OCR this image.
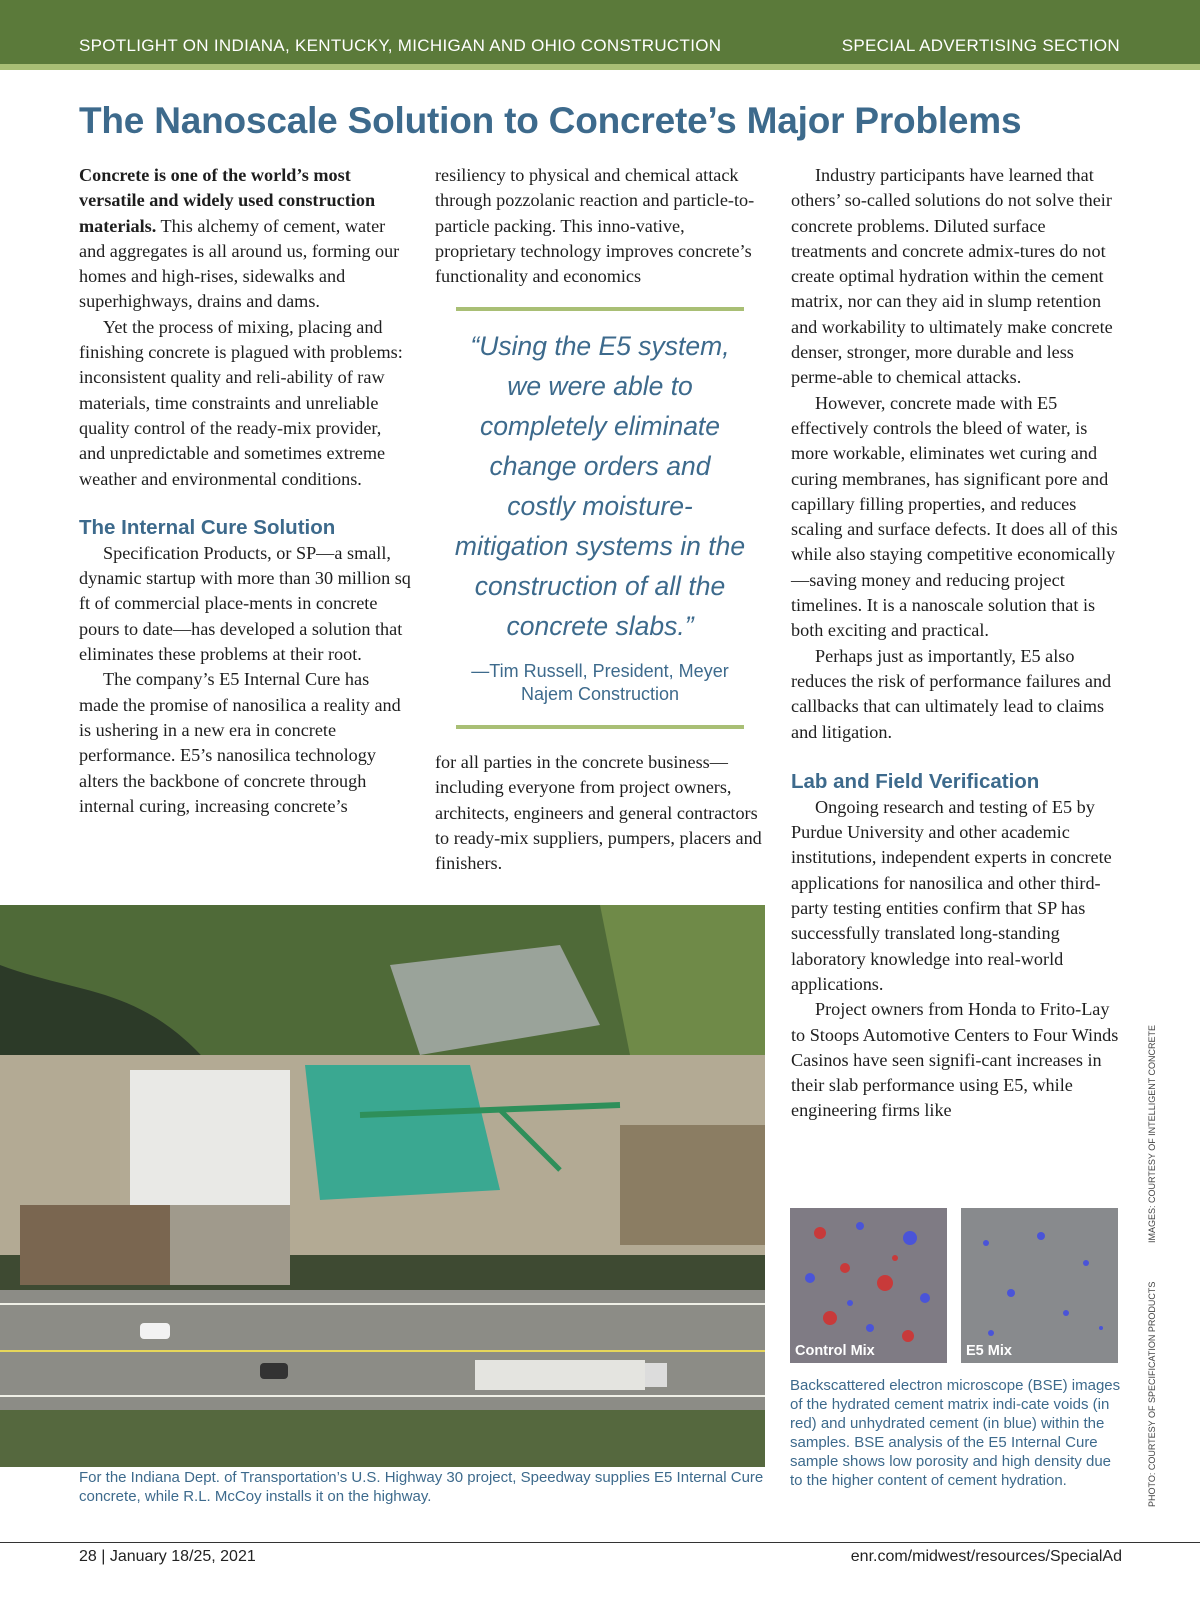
SPOTLIGHT ON INDIANA, KENTUCKY, MICHIGAN AND OHIO CONSTRUCTION	SPECIAL ADVERTISING SECTION
The Nanoscale Solution to Concrete’s Major Problems

Concrete is one of the world’s most versatile and widely used construction materials. This alchemy of cement, water and aggregates is all around us, forming our homes and high-rises, sidewalks and superhighways, drains and dams.

Yet the process of mixing, placing and finishing concrete is plagued with problems: inconsistent quality and reli-ability of raw materials, time constraints and unreliable quality control of the ready-mix provider, and unpredictable and sometimes extreme weather and environmental conditions.

The Internal Cure Solution

Specification Products, or SP—a small, dynamic startup with more than 30 million sq ft of commercial place-ments in concrete pours to date—has developed a solution that eliminates these problems at their root.

The company’s E5 Internal Cure has made the promise of nanosilica a reality and is ushering in a new era in concrete performance. E5’s nanosilica technology alters the backbone of concrete through internal curing, increasing concrete’s

resiliency to physical and chemical attack through pozzolanic reaction and particle-to-particle packing. This inno-vative, proprietary technology improves concrete’s functionality and economics

“Using the E5 system, we were able to completely eliminate change orders and costly moisture-mitigation systems in the construction of all the concrete slabs.”
—Tim Russell, President, Meyer Najem Construction

for all parties in the concrete business—including everyone from project owners, architects, engineers and general contractors to ready-mix suppliers, pumpers, placers and finishers.

Industry participants have learned that others’ so-called solutions do not solve their concrete problems. Diluted surface treatments and concrete admix-tures do not create optimal hydration within the cement matrix, nor can they aid in slump retention and workability to ultimately make concrete denser, stronger, more durable and less perme-able to chemical attacks.

However, concrete made with E5 effectively controls the bleed of water, is more workable, eliminates wet curing and curing membranes, has significant pore and capillary filling properties, and reduces scaling and surface defects. It does all of this while also staying competitive economically—saving money and reducing project timelines. It is a nanoscale solution that is both exciting and practical.

Perhaps just as importantly, E5 also reduces the risk of performance failures and callbacks that can ultimately lead to claims and litigation.

Lab and Field Verification

Ongoing research and testing of E5 by Purdue University and other academic institutions, independent experts in concrete applications for nanosilica and other third-party testing entities confirm that SP has successfully translated long-standing laboratory knowledge into real-world applications.

Project owners from Honda to Frito-Lay to Stoops Automotive Centers to Four Winds Casinos have seen signifi-cant increases in their slab performance using E5, while engineering firms like

For the Indiana Dept. of Transportation’s U.S. Highway 30 project, Speedway supplies E5 Internal Cure concrete, while R.L. McCoy installs it on the highway.
Control Mix	E5 Mix
Backscattered electron microscope (BSE) images of the hydrated cement matrix indi-cate voids (in red) and unhydrated cement (in blue) within the samples. BSE analysis of the E5 Internal Cure sample shows low porosity and high density due to the higher content of cement hydration.
IMAGES: COURTESY OF INTELLIGENT CONCRETE
PHOTO: COURTESY OF SPECIFICATION PRODUCTS
28 | January 18/25, 2021	enr.com/midwest/resources/SpecialAd
